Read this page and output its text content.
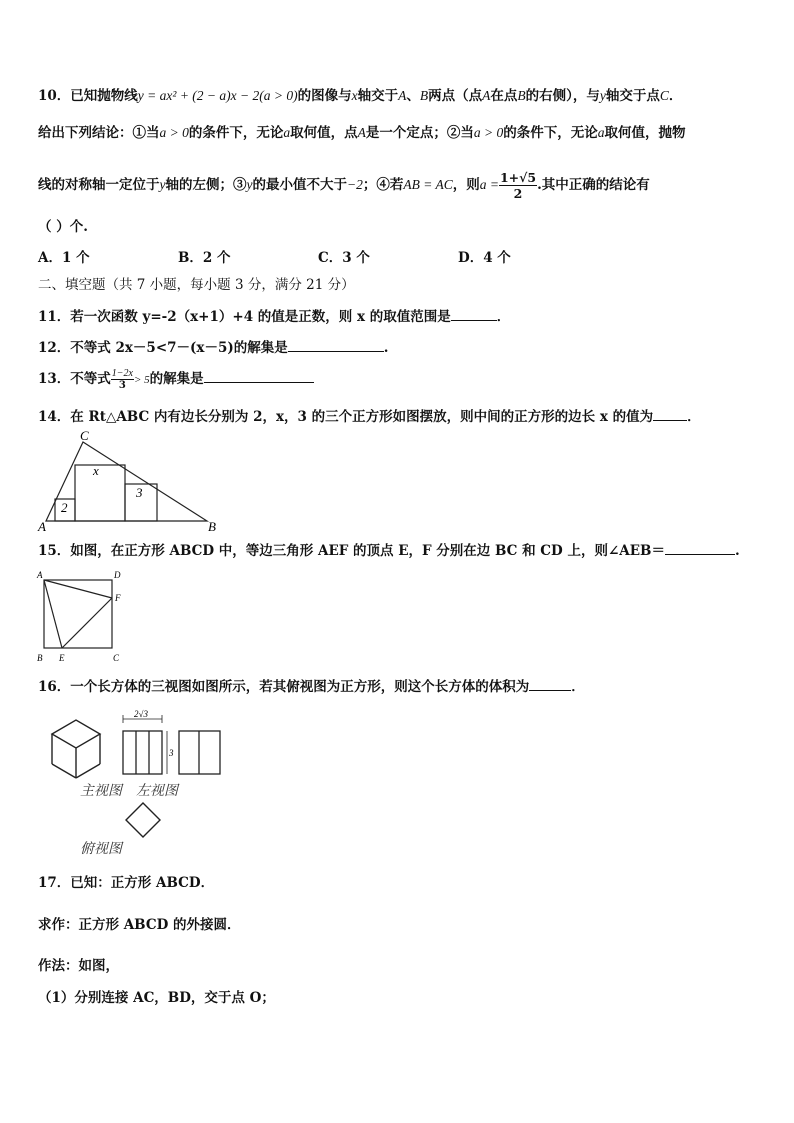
10．已知抛物线y = ax² + (2 − a)x − 2(a > 0)的图像与x轴交于A、B两点（点A在点B的右侧），与y轴交于点C．
给出下列结论：①当a > 0的条件下，无论a取何值，点A是一个定点；②当a > 0的条件下，无论a取何值，抛物
线的对称轴一定位于y轴的左侧；③y的最小值不大于−2；④若AB = AC，则$a = \frac{1+√5}{2}$ .其中正确的结论有
（ ）个.
A．1 个	B．2 个	C．3 个	D．4 个
二、填空题（共 7 小题，每小题 3 分，满分 21 分）
11．若一次函数 y=-2（x+1）+4 的值是正数，则 x 的取值范围是	．
12．不等式 2x－5<7－(x－5)的解集是	.
13．不等式 $\frac{1-2x}{3} > 5$的解集是
14．在 Rt△ABC 内有边长分别为 2，x，3 的三个正方形如图摆放，则中间的正方形的边长 x 的值为	．
C
A	B
x
2
3
15．如图，在正方形 ABCD 中，等边三角形 AEF 的顶点 E，F 分别在边 BC 和 CD 上，则∠AEB＝	.
A	D
F
B E	C
16．一个长方体的三视图如图所示，若其俯视图为正方形，则这个长方体的体积为	．
2√3
3
主视图 左视图
俯视图
17．已知：正方形 ABCD．
求作：正方形 ABCD 的外接圆．
作法：如图，
（1）分别连接 AC，BD，交于点 O；
